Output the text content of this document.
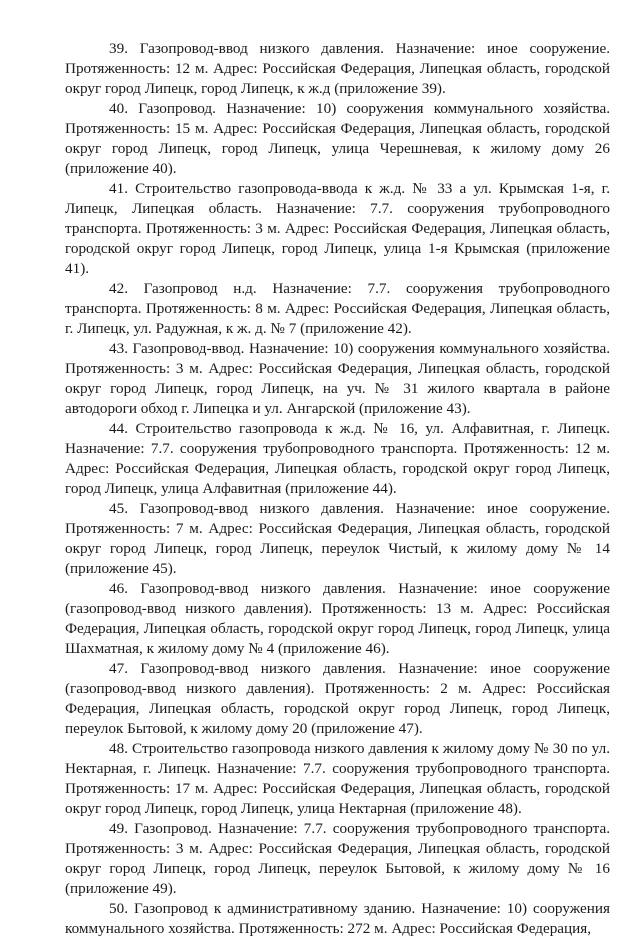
39. Газопровод-ввод низкого давления. Назначение: иное сооружение. Протяженность: 12 м. Адрес: Российская Федерация, Липецкая область, городской округ город Липецк, город Липецк, к ж.д (приложение 39).

40. Газопровод. Назначение: 10) сооружения коммунального хозяйства. Протяженность: 15 м. Адрес: Российская Федерация, Липецкая область, городской округ город Липецк, город Липецк, улица Черешневая, к жилому дому 26 (приложение 40).

41. Строительство газопровода-ввода к ж.д. № 33 а ул. Крымская 1-я, г. Липецк, Липецкая область. Назначение: 7.7. сооружения трубопроводного транспорта. Протяженность: 3 м. Адрес: Российская Федерация, Липецкая область, городской округ город Липецк, город Липецк, улица 1-я Крымская (приложение 41).

42. Газопровод н.д. Назначение: 7.7. сооружения трубопроводного транспорта. Протяженность: 8 м. Адрес: Российская Федерация, Липецкая область, г. Липецк, ул. Радужная, к ж. д. № 7 (приложение 42).

43. Газопровод-ввод. Назначение: 10) сооружения коммунального хозяйства. Протяженность: 3 м. Адрес: Российская Федерация, Липецкая область, городской округ город Липецк, город Липецк, на уч. № 31 жилого квартала в районе автодороги обход г. Липецка и ул. Ангарской (приложение 43).

44. Строительство газопровода к ж.д. № 16, ул. Алфавитная, г. Липецк. Назначение: 7.7. сооружения трубопроводного транспорта. Протяженность: 12 м. Адрес: Российская Федерация, Липецкая область, городской округ город Липецк, город Липецк, улица Алфавитная (приложение 44).

45. Газопровод-ввод низкого давления. Назначение: иное сооружение. Протяженность: 7 м. Адрес: Российская Федерация, Липецкая область, городской округ город Липецк, город Липецк, переулок Чистый, к жилому дому № 14 (приложение 45).

46. Газопровод-ввод низкого давления. Назначение: иное сооружение (газопровод-ввод низкого давления). Протяженность: 13 м. Адрес: Российская Федерация, Липецкая область, городской округ город Липецк, город Липецк, улица Шахматная, к жилому дому № 4 (приложение 46).

47. Газопровод-ввод низкого давления. Назначение: иное сооружение (газопровод-ввод низкого давления). Протяженность: 2 м. Адрес: Российская Федерация, Липецкая область, городской округ город Липецк, город Липецк, переулок Бытовой, к жилому дому 20 (приложение 47).

48. Строительство газопровода низкого давления к жилому дому № 30 по ул. Нектарная, г. Липецк. Назначение: 7.7. сооружения трубопроводного транспорта. Протяженность: 17 м. Адрес: Российская Федерация, Липецкая область, городской округ город Липецк, город Липецк, улица Нектарная (приложение 48).

49. Газопровод. Назначение: 7.7. сооружения трубопроводного транспорта. Протяженность: 3 м. Адрес: Российская Федерация, Липецкая область, городской округ город Липецк, город Липецк, переулок Бытовой, к жилому дому № 16 (приложение 49).

50. Газопровод к административному зданию. Назначение: 10) сооружения коммунального хозяйства. Протяженность: 272 м. Адрес: Российская Федерация,
